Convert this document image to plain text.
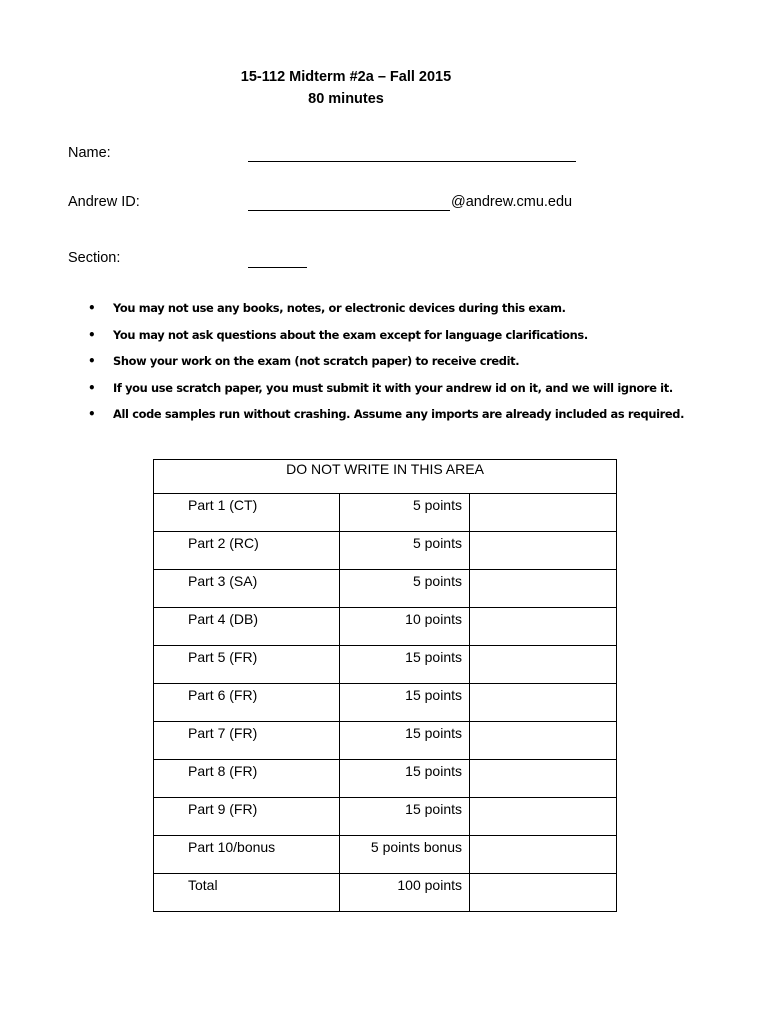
15-112 Midterm #2a – Fall 2015
80 minutes
Name:
Andrew ID:	@andrew.cmu.edu
Section:
• You may not use any books, notes, or electronic devices during this exam.
• You may not ask questions about the exam except for language clarifications.
• Show your work on the exam (not scratch paper) to receive credit.
• If you use scratch paper, you must submit it with your andrew id on it, and we will ignore it.
• All code samples run without crashing. Assume any imports are already included as required.
DO NOT WRITE IN THIS AREA		
Part 1 (CT)	5 points	
Part 2 (RC)	5 points	
Part 3 (SA)	5 points	
Part 4 (DB)	10 points	
Part 5 (FR)	15 points	
Part 6 (FR)	15 points	
Part 7 (FR)	15 points	
Part 8 (FR)	15 points	
Part 9 (FR)	15 points	
Part 10/bonus	5 points bonus	
Total	100 points	
